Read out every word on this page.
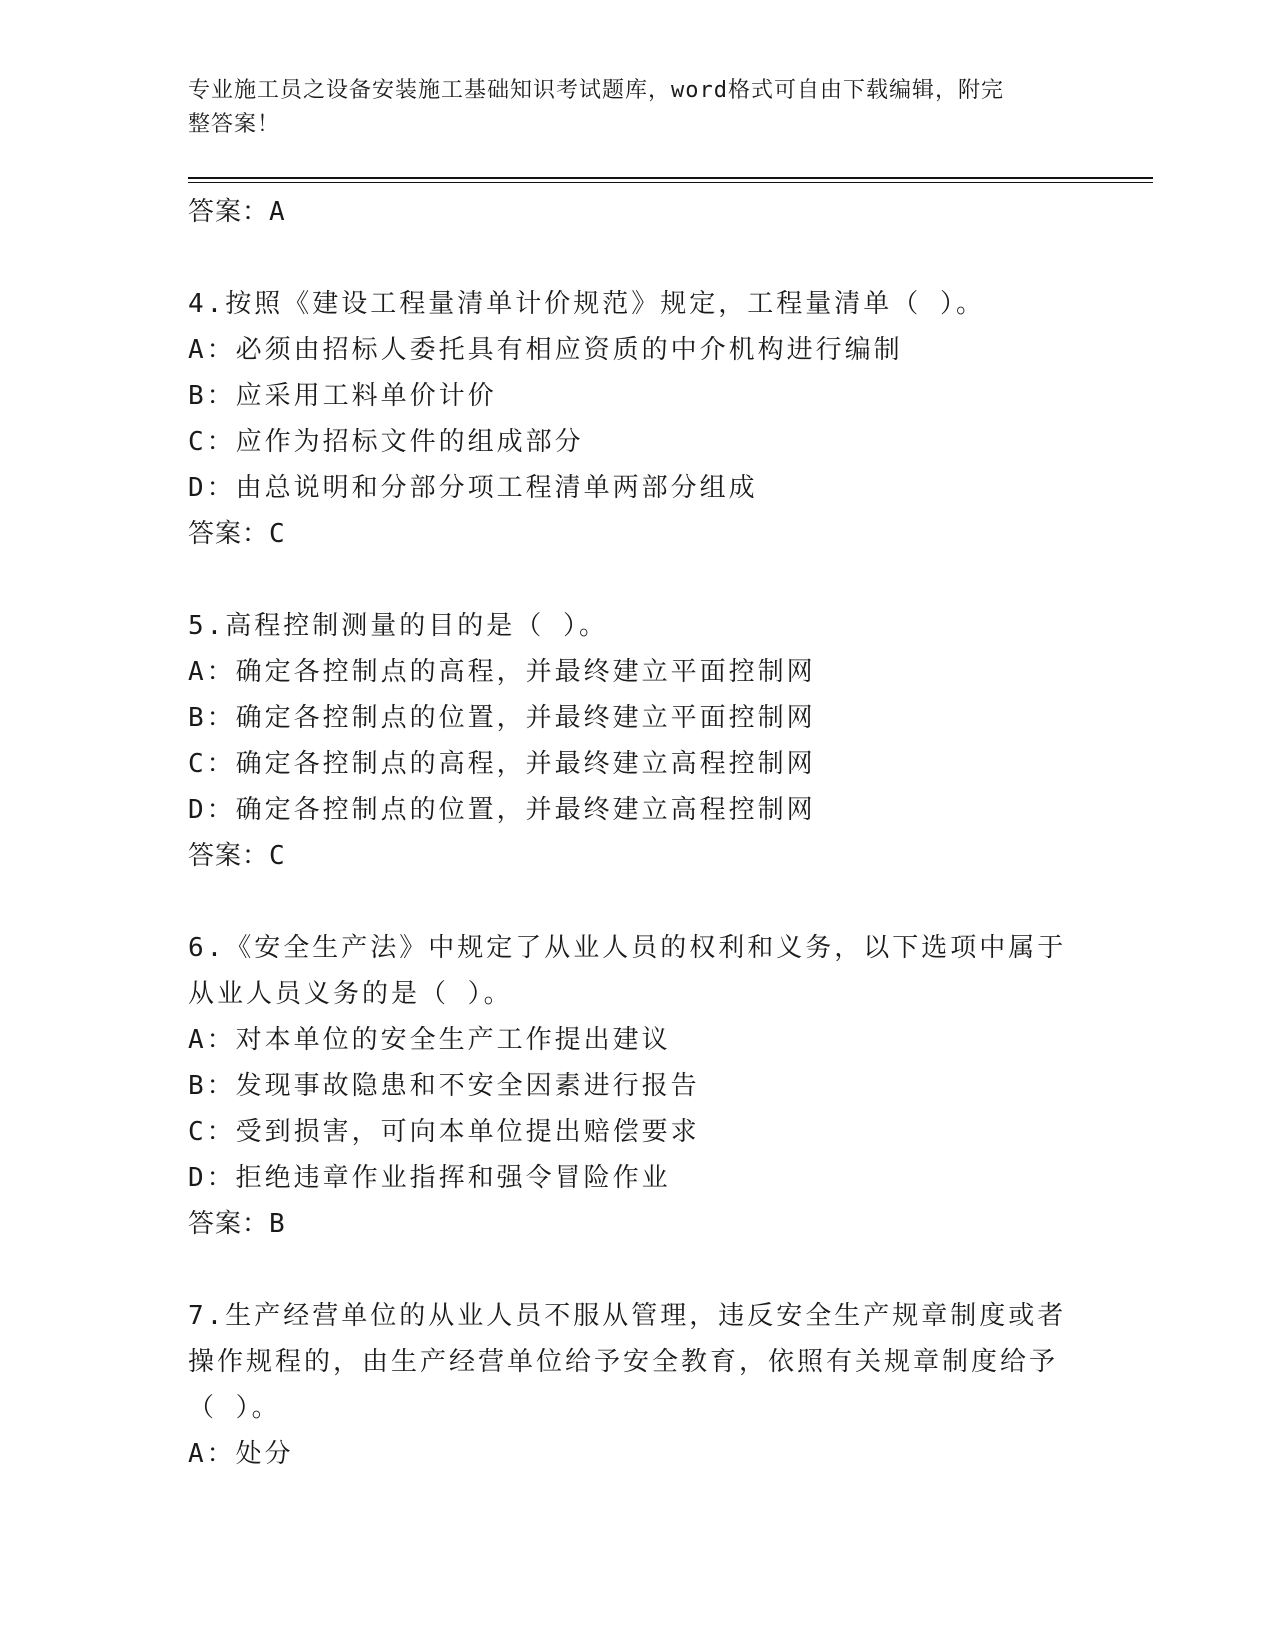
专业施工员之设备安装施工基础知识考试题库，word格式可自由下载编辑，附完
整答案！
答案：A
4.按照《建设工程量清单计价规范》规定，工程量清单（ ）。
A：必须由招标人委托具有相应资质的中介机构进行编制
B：应采用工料单价计价
C：应作为招标文件的组成部分
D：由总说明和分部分项工程清单两部分组成
答案：C
5.高程控制测量的目的是（ ）。
A：确定各控制点的高程，并最终建立平面控制网
B：确定各控制点的位置，并最终建立平面控制网
C：确定各控制点的高程，并最终建立高程控制网
D：确定各控制点的位置，并最终建立高程控制网
答案：C
6.《安全生产法》中规定了从业人员的权利和义务，以下选项中属于
从业人员义务的是（ ）。
A：对本单位的安全生产工作提出建议
B：发现事故隐患和不安全因素进行报告
C：受到损害，可向本单位提出赔偿要求
D：拒绝违章作业指挥和强令冒险作业
答案：B
7.生产经营单位的从业人员不服从管理，违反安全生产规章制度或者
操作规程的，由生产经营单位给予安全教育，依照有关规章制度给予
（ ）。
A：处分
